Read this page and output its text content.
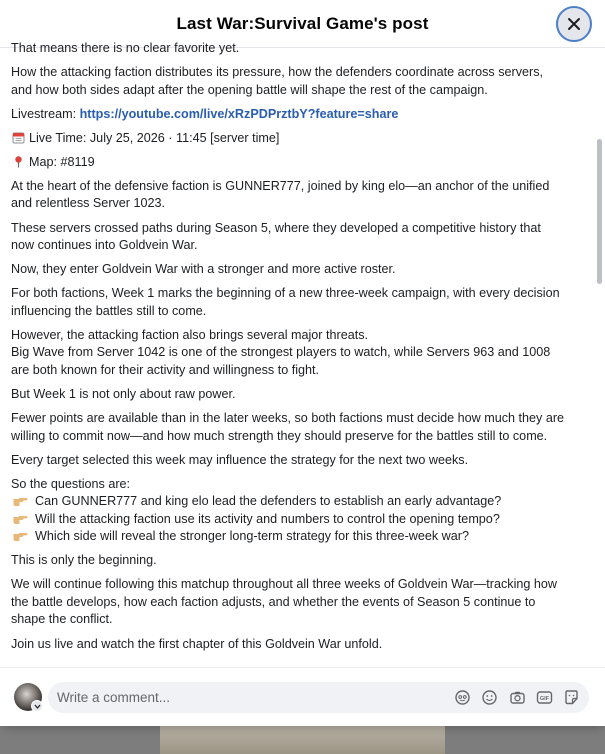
Last War:Survival Game's post

That means there is no clear favorite yet.

How the attacking faction distributes its pressure, how the defenders coordinate across servers,
and how both sides adapt after the opening battle will shape the rest of the campaign.

Livestream: https://youtube.com/live/xRzPDPrztbY?feature=share

Live Time: July 25, 2026 · 11:45 [server time]

Map: #8119

At the heart of the defensive faction is GUNNER777, joined by king elo—an anchor of the unified
and relentless Server 1023.

These servers crossed paths during Season 5, where they developed a competitive history that
now continues into Goldvein War.

Now, they enter Goldvein War with a stronger and more active roster.

For both factions, Week 1 marks the beginning of a new three-week campaign, with every decision
influencing the battles still to come.

However, the attacking faction also brings several major threats.
Big Wave from Server 1042 is one of the strongest players to watch, while Servers 963 and 1008
are both known for their activity and willingness to fight.

But Week 1 is not only about raw power.

Fewer points are available than in the later weeks, so both factions must decide how much they are
willing to commit now—and how much strength they should preserve for the battles still to come.

Every target selected this week may influence the strategy for the next two weeks.

So the questions are:
Can GUNNER777 and king elo lead the defenders to establish an early advantage?
Will the attacking faction use its activity and numbers to control the opening tempo?
Which side will reveal the stronger long-term strategy for this three-week war?

This is only the beginning.

We will continue following this matchup throughout all three weeks of Goldvein War—tracking how
the battle develops, how each faction adjusts, and whether the events of Season 5 continue to
shape the conflict.

Join us live and watch the first chapter of this Goldvein War unfold.

Write a comment...
GIF
